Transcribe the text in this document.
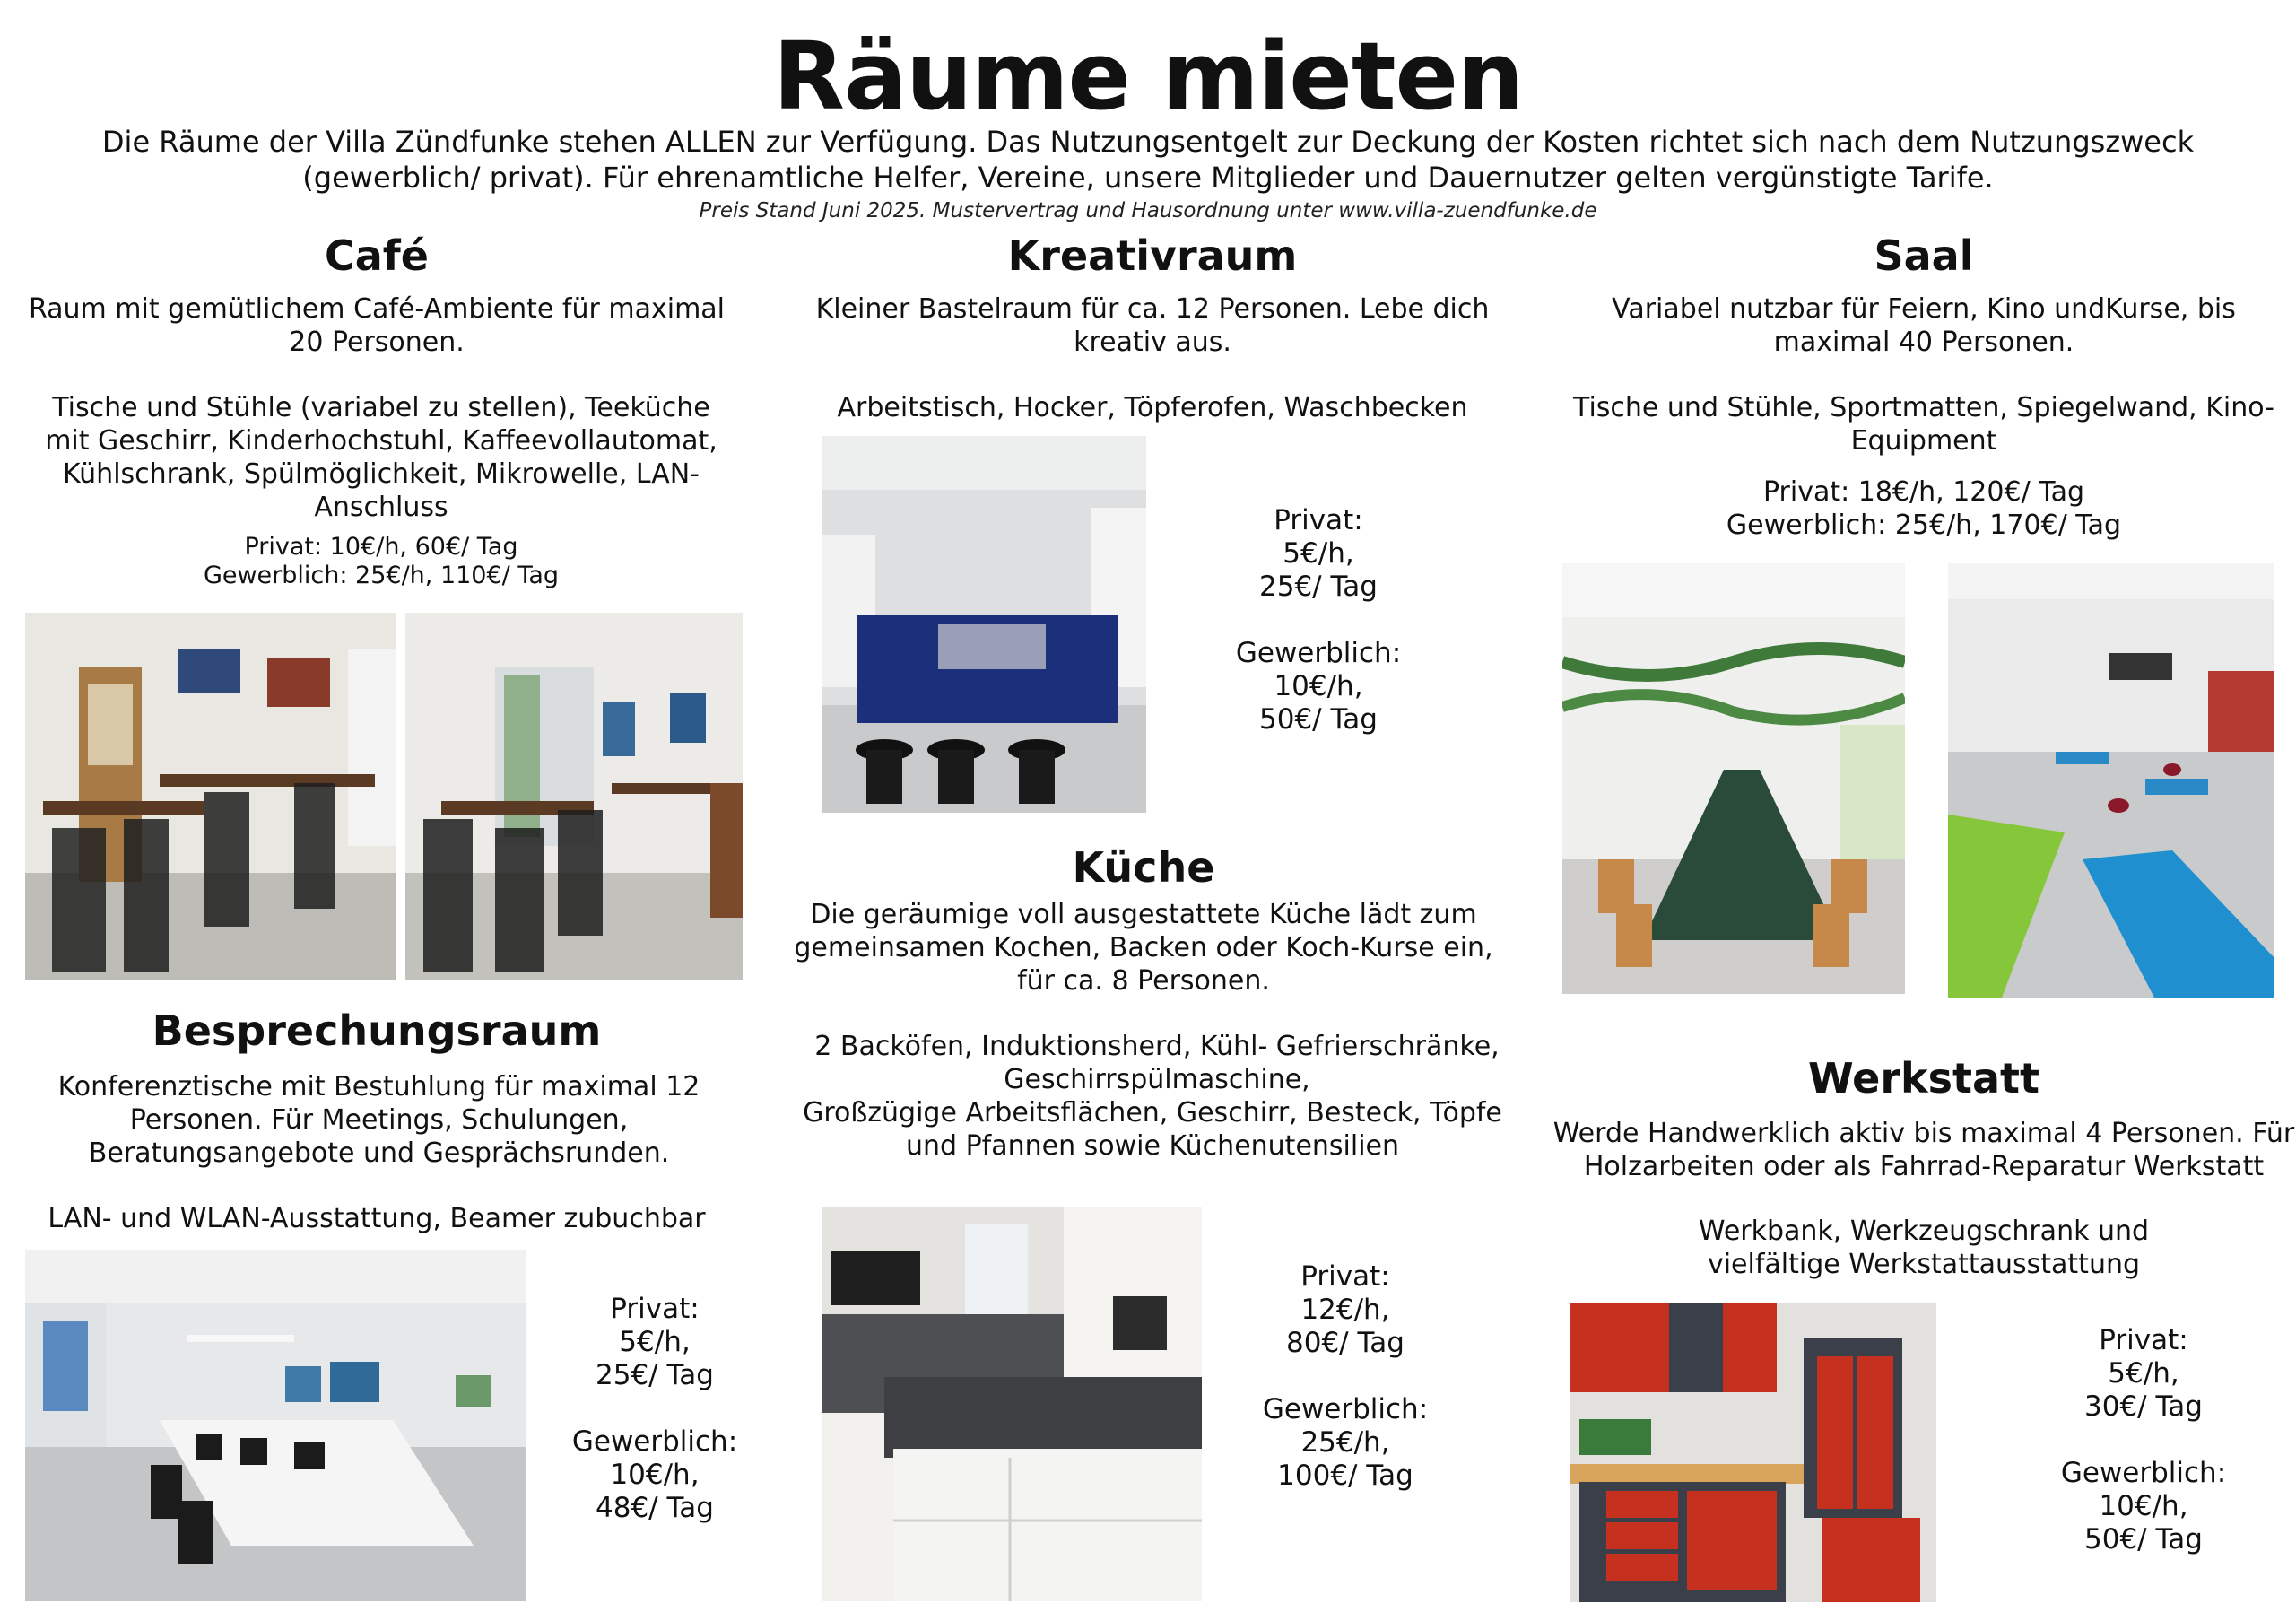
Räume mieten
Die Räume der Villa Zündfunke stehen ALLEN zur Verfügung. Das Nutzungsentgelt zur Deckung der Kosten richtet sich nach dem Nutzungszweck (gewerblich/ privat). Für ehrenamtliche Helfer, Vereine, unsere Mitglieder und Dauernutzer gelten vergünstigte Tarife.
Preis Stand Juni 2025. Mustervertrag und Hausordnung unter www.villa-zuendfunke.de
Café
Raum mit gemütlichem Café-Ambiente für maximal 20 Personen.
Tische und Stühle (variabel zu stellen), Teeküche mit Geschirr, Kinderhochstuhl, Kaffeevollautomat, Kühlschrank, Spülmöglichkeit, Mikrowelle, LAN-Anschluss
Privat: 10€/h, 60€/ Tag
Gewerblich: 25€/h, 110€/ Tag
Kreativraum
Kleiner Bastelraum für ca. 12 Personen. Lebe dich kreativ aus.
Arbeitstisch, Hocker, Töpferofen, Waschbecken
Privat:
5€/h,
25€/ Tag
Gewerblich:
10€/h,
50€/ Tag
Küche
Die geräumige voll ausgestattete Küche lädt zum gemeinsamen Kochen, Backen oder Koch-Kurse ein, für ca. 8 Personen.
2 Backöfen, Induktionsherd, Kühl- Gefrierschränke, Geschirrspülmaschine,
Großzügige Arbeitsflächen, Geschirr, Besteck, Töpfe und Pfannen sowie Küchenutensilien
Privat:
12€/h,
80€/ Tag
Gewerblich:
25€/h,
100€/ Tag
Saal
Variabel nutzbar für Feiern, Kino undKurse, bis maximal 40 Personen.
Tische und Stühle, Sportmatten, Spiegelwand, Kino-Equipment
Privat: 18€/h, 120€/ Tag
Gewerblich: 25€/h, 170€/ Tag
Besprechungsraum
Konferenztische mit Bestuhlung für maximal 12 Personen. Für Meetings, Schulungen, Beratungsangebote und Gesprächsrunden.
LAN- und WLAN-Ausstattung, Beamer zubuchbar
Privat:
5€/h,
25€/ Tag
Gewerblich:
10€/h,
48€/ Tag
Werkstatt
Werde Handwerklich aktiv bis maximal 4 Personen. Für Holzarbeiten oder als Fahrrad-Reparatur Werkstatt
Werkbank, Werkzeugschrank und vielfältige Werkstattausstattung
Privat:
5€/h,
30€/ Tag
Gewerblich:
10€/h,
50€/ Tag
